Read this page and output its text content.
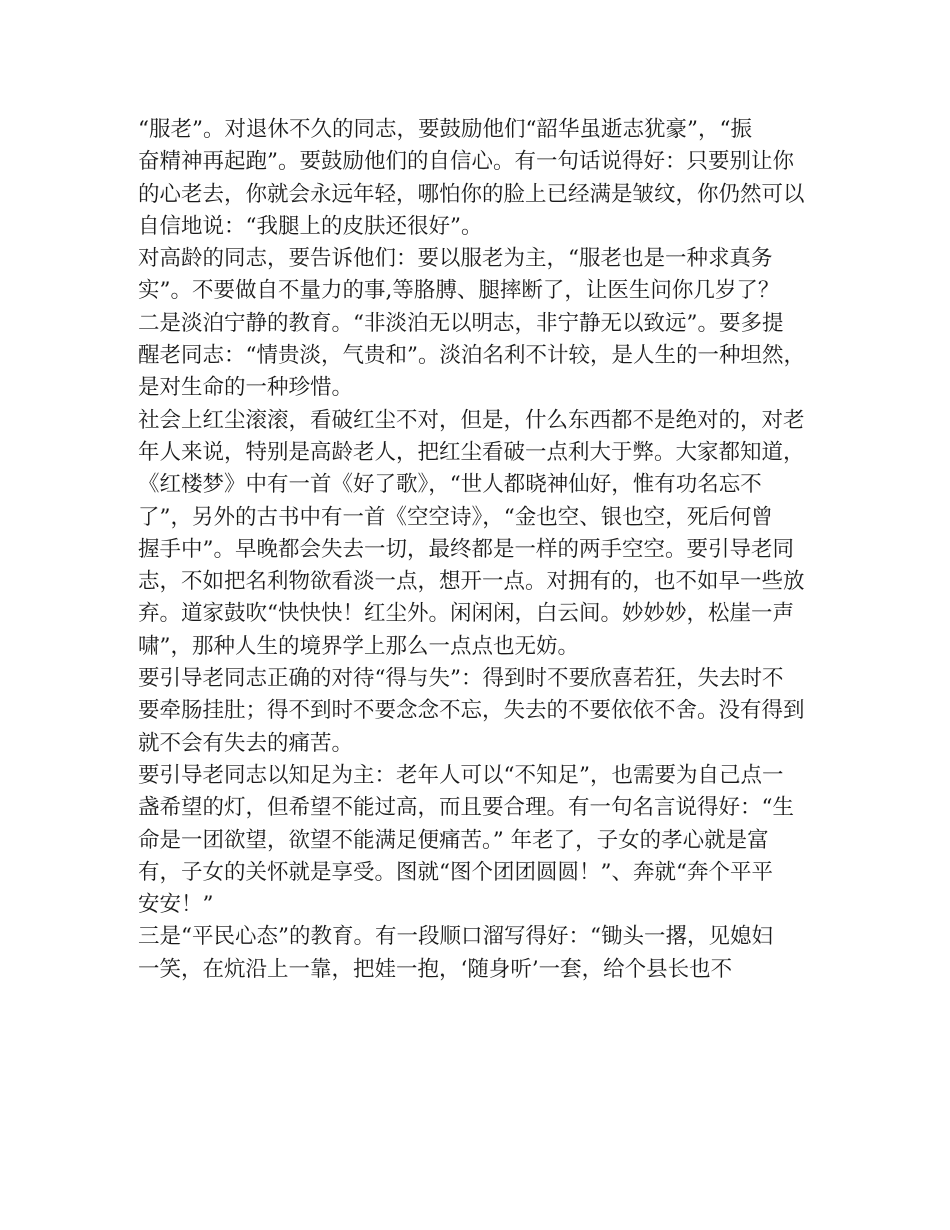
“服老”。对退休不久的同志，要鼓励他们“韶华虽逝志犹豪”，“振
奋精神再起跑”。要鼓励他们的自信心。有一句话说得好：只要别让你
的心老去，你就会永远年轻，哪怕你的脸上已经满是皱纹，你仍然可以
自信地说：“我腿上的皮肤还很好”。
对高龄的同志，要告诉他们：要以服老为主，“服老也是一种求真务
实”。不要做自不量力的事,等胳膊、腿摔断了，让医生问你几岁了？
二是淡泊宁静的教育。“非淡泊无以明志，非宁静无以致远”。要多提
醒老同志：“情贵淡，气贵和”。淡泊名利不计较，是人生的一种坦然，
是对生命的一种珍惜。
社会上红尘滚滚，看破红尘不对，但是，什么东西都不是绝对的，对老
年人来说，特别是高龄老人，把红尘看破一点利大于弊。大家都知道，
《红楼梦》中有一首《好了歌》，“世人都晓神仙好，惟有功名忘不
了”，另外的古书中有一首《空空诗》，“金也空、银也空，死后何曾
握手中”。早晚都会失去一切，最终都是一样的两手空空。要引导老同
志，不如把名利物欲看淡一点，想开一点。对拥有的，也不如早一些放
弃。道家鼓吹“快快快！红尘外。闲闲闲，白云间。妙妙妙，松崖一声
啸”，那种人生的境界学上那么一点点也无妨。
要引导老同志正确的对待“得与失”：得到时不要欣喜若狂，失去时不
要牵肠挂肚；得不到时不要念念不忘，失去的不要依依不舍。没有得到
就不会有失去的痛苦。
要引导老同志以知足为主：老年人可以“不知足”，也需要为自己点一
盏希望的灯，但希望不能过高，而且要合理。有一句名言说得好：“生
命是一团欲望，欲望不能满足便痛苦。” 年老了，子女的孝心就是富
有，子女的关怀就是享受。图就“图个团团圆圆！”、奔就“奔个平平
安安！”
三是“平民心态”的教育。有一段顺口溜写得好：“锄头一撂，见媳妇
一笑，在炕沿上一靠，把娃一抱，‘随身听’一套，给个县长也不
